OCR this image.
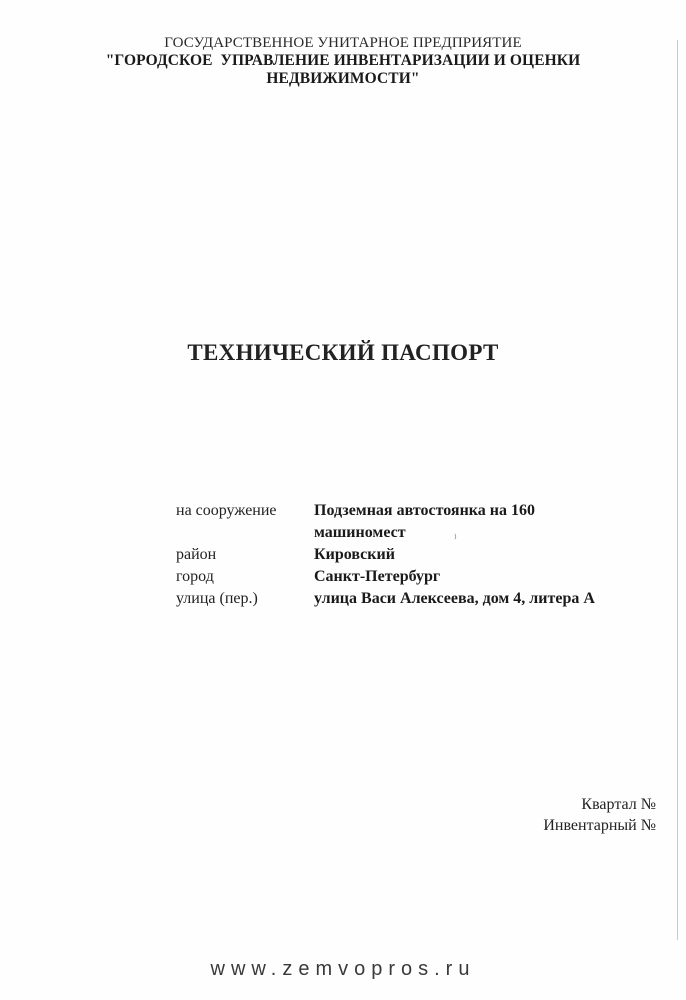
ГОСУДАРСТВЕННОЕ УНИТАРНОЕ ПРЕДПРИЯТИЕ
"ГОРОДСКОЕ  УПРАВЛЕНИЕ ИНВЕНТАРИЗАЦИИ И ОЦЕНКИ
НЕДВИЖИМОСТИ"
ТЕХНИЧЕСКИЙ ПАСПОРТ
на сооружение	Подземная автостоянка на 160
машиномест
район	Кировский
город	Санкт-Петербург
улица (пер.)	улица Васи Алексеева, дом 4, литера А
⁾
Квартал №
Инвентарный №
www.zemvopros.ru
